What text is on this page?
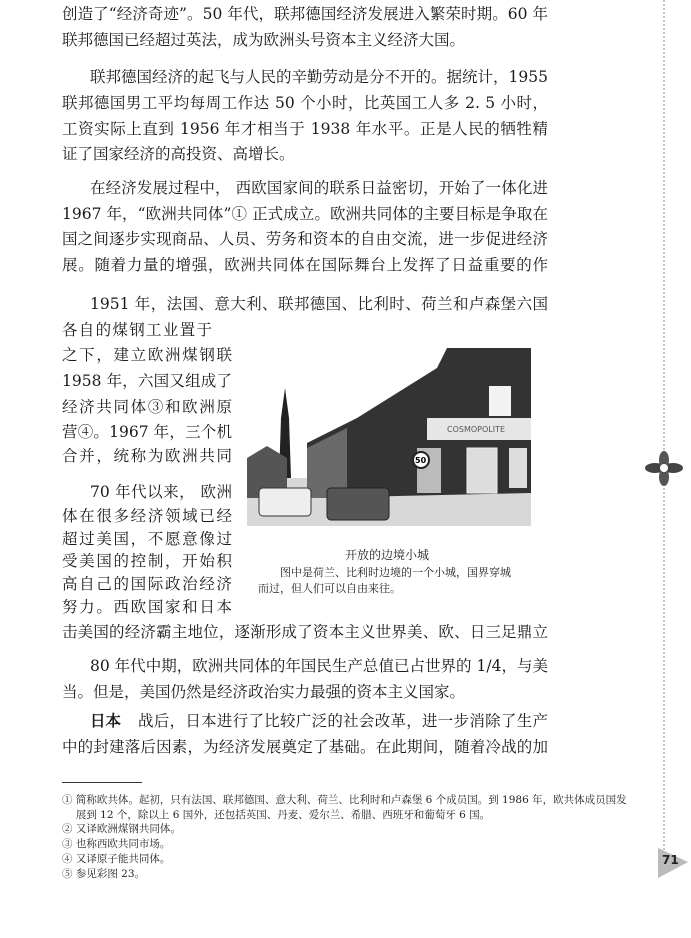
创造了“经济奇迹”。50 年代，联邦德国经济发展进入繁荣时期。60 年
联邦德国已经超过英法，成为欧洲头号资本主义经济大国。
联邦德国经济的起飞与人民的辛勤劳动是分不开的。据统计，1955
联邦德国男工平均每周工作达 50 个小时，比英国工人多 2. 5 小时，
工资实际上直到 1956 年才相当于 1938 年水平。正是人民的牺牲精
证了国家经济的高投资、高增长。
在经济发展过程中， 西欧国家间的联系日益密切，开始了一体化进
1967 年，“欧洲共同体”① 正式成立。欧洲共同体的主要目标是争取在
国之间逐步实现商品、人员、劳务和资本的自由交流，进一步促进经济
展。随着力量的增强，欧洲共同体在国际舞台上发挥了日益重要的作
1951 年，法国、意大利、联邦德国、比利时、荷兰和卢森堡六国
各自的煤钢工业置于
之下，建立欧洲煤钢联
1958 年，六国又组成了
经济共同体③和欧洲原
营④。1967 年，三个机
合并，统称为欧洲共同
70 年代以来， 欧洲
体在很多经济领域已经
超过美国，不愿意像过
受美国的控制，开始积
高自己的国际政治经济
努力。西欧国家和日本
击美国的经济霸主地位，逐渐形成了资本主义世界美、欧、日三足鼎立
80 年代中期，欧洲共同体的年国民生产总值已占世界的 1/4，与美
当。但是，美国仍然是经济政治实力最强的资本主义国家。
日本 战后，日本进行了比较广泛的社会改革，进一步消除了生产
中的封建落后因素，为经济发展奠定了基础。在此期间，随着冷战的加
COSMOPOLITE
50
开放的边境小城
图中是荷兰、比利时边境的一个小城，国界穿城
而过，但人们可以自由来往。
① 简称欧共体。起初，只有法国、联邦德国、意大利、荷兰、比利时和卢森堡 6 个成员国。到 1986 年，欧共体成员国发
　 展到 12 个，除以上 6 国外，还包括英国、丹麦、爱尔兰、希腊、西班牙和葡萄牙 6 国。
② 又译欧洲煤钢共同体。
③ 也称西欧共同市场。
④ 又译原子能共同体。
⑤ 参见彩图 23。
71
